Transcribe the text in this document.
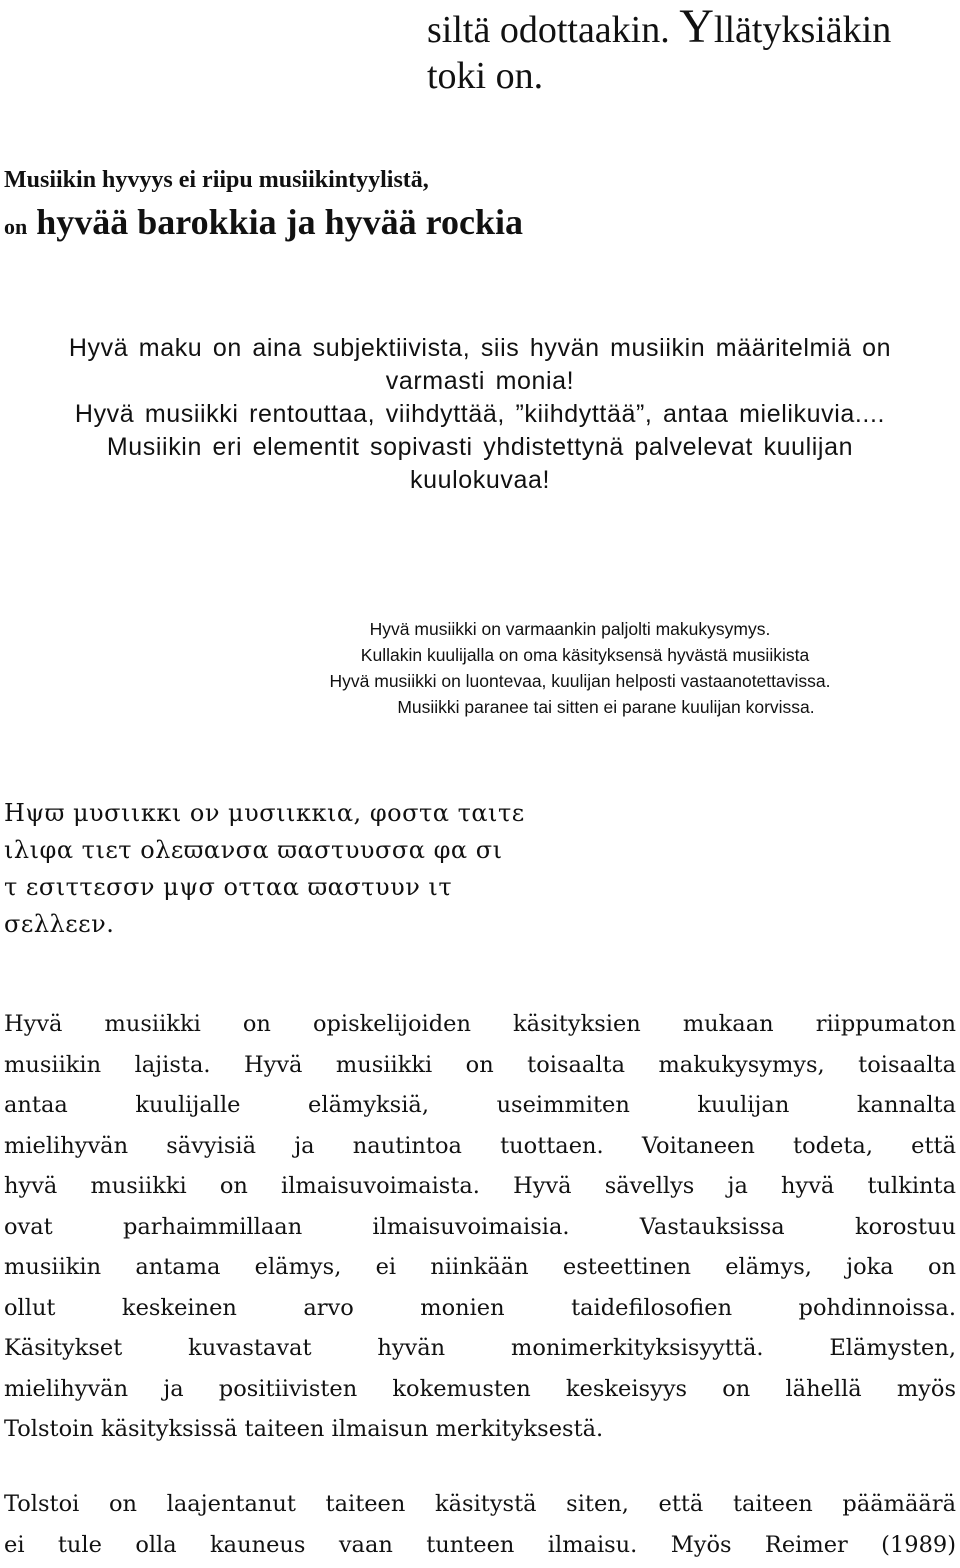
siltä odottaakin. Yllätyksiäkin
toki on.
Musiikin hyvyys ei riipu musiikintyylistä,
on hyvää barokkia ja hyvää rockia
Hyvä maku on aina subjektiivista, siis hyvän musiikin määritelmiä on
varmasti monia!
Hyvä musiikki rentouttaa, viihdyttää, ”kiihdyttää”, antaa mielikuvia....
Musiikin eri elementit sopivasti yhdistettynä palvelevat kuulijan
kuulokuvaa!
Hyvä musiikki on varmaankin paljolti makukysymys.
Kullakin kuulijalla on oma käsityksensä hyvästä musiikista
Hyvä musiikki on luontevaa, kuulijan helposti vastaanotettavissa.
Musiikki paranee tai sitten ei parane kuulijan korvissa.
Ηψϖ μυσιικκι ον μυσιικκια, φοστα ταιτε
ιλιφα τιετ ολεϖανσα ϖαστυυσσα φα σι
τ εσιττεσσν μψσ οτταα ϖαστυυν ιτ
σελλεεν.
Hyvä musiikki on opiskelijoiden käsityksien mukaan riippumaton
musiikin lajista. Hyvä musiikki on toisaalta makukysymys, toisaalta
antaa kuulijalle elämyksiä, useimmiten kuulijan kannalta
mielihyvän sävyisiä ja nautintoa tuottaen. Voitaneen todeta, että
hyvä musiikki on ilmaisuvoimaista. Hyvä sävellys ja hyvä tulkinta
ovat parhaimmillaan ilmaisuvoimaisia. Vastauksissa korostuu
musiikin antama elämys, ei niinkään esteettinen elämys, joka on
ollut keskeinen arvo monien taidefilosofien pohdinnoissa.
Käsitykset kuvastavat hyvän monimerkityksisyyttä. Elämysten,
mielihyvän ja positiivisten kokemusten keskeisyys on lähellä myös
Tolstoin käsityksissä taiteen ilmaisun merkityksestä.
Tolstoi on laajentanut taiteen käsitystä siten, että taiteen päämäärä
ei tule olla kauneus vaan tunteen ilmaisu. Myös Reimer (1989)
